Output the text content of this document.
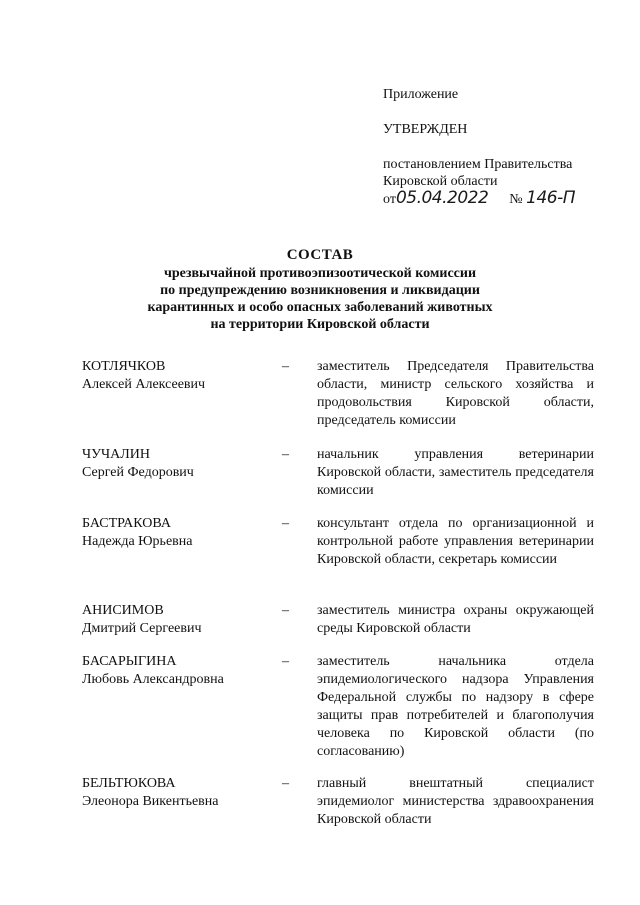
Приложение
УТВЕРЖДЕН
постановлением Правительства
Кировской области
от05.04.2022 № 146-П
СОСТАВ
чрезвычайной противоэпизоотической комиссии
по предупреждению возникновения и ликвидации
карантинных и особо опасных заболеваний животных
на территории Кировской области
КОТЛЯЧКОВ
Алексей Алексеевич
– заместитель Председателя Правительства области, министр сельского хозяйства и продовольствия Кировской области, председатель комиссии
ЧУЧАЛИН
Сергей Федорович
– начальник управления ветеринарии Кировской области, заместитель председателя комиссии
БАСТРАКОВА
Надежда Юрьевна
– консультант отдела по организационной и контрольной работе управления ветеринарии Кировской области, секретарь комиссии
АНИСИМОВ
Дмитрий Сергеевич
– заместитель министра охраны окружающей среды Кировской области
БАСАРЫГИНА
Любовь Александровна
– заместитель начальника отдела эпидемиологического надзора Управления Федеральной службы по надзору в сфере защиты прав потребителей и благополучия человека по Кировской области (по согласованию)
БЕЛЬТЮКОВА
Элеонора Викентьевна
– главный внештатный специалист эпидемиолог министерства здравоохранения Кировской области
